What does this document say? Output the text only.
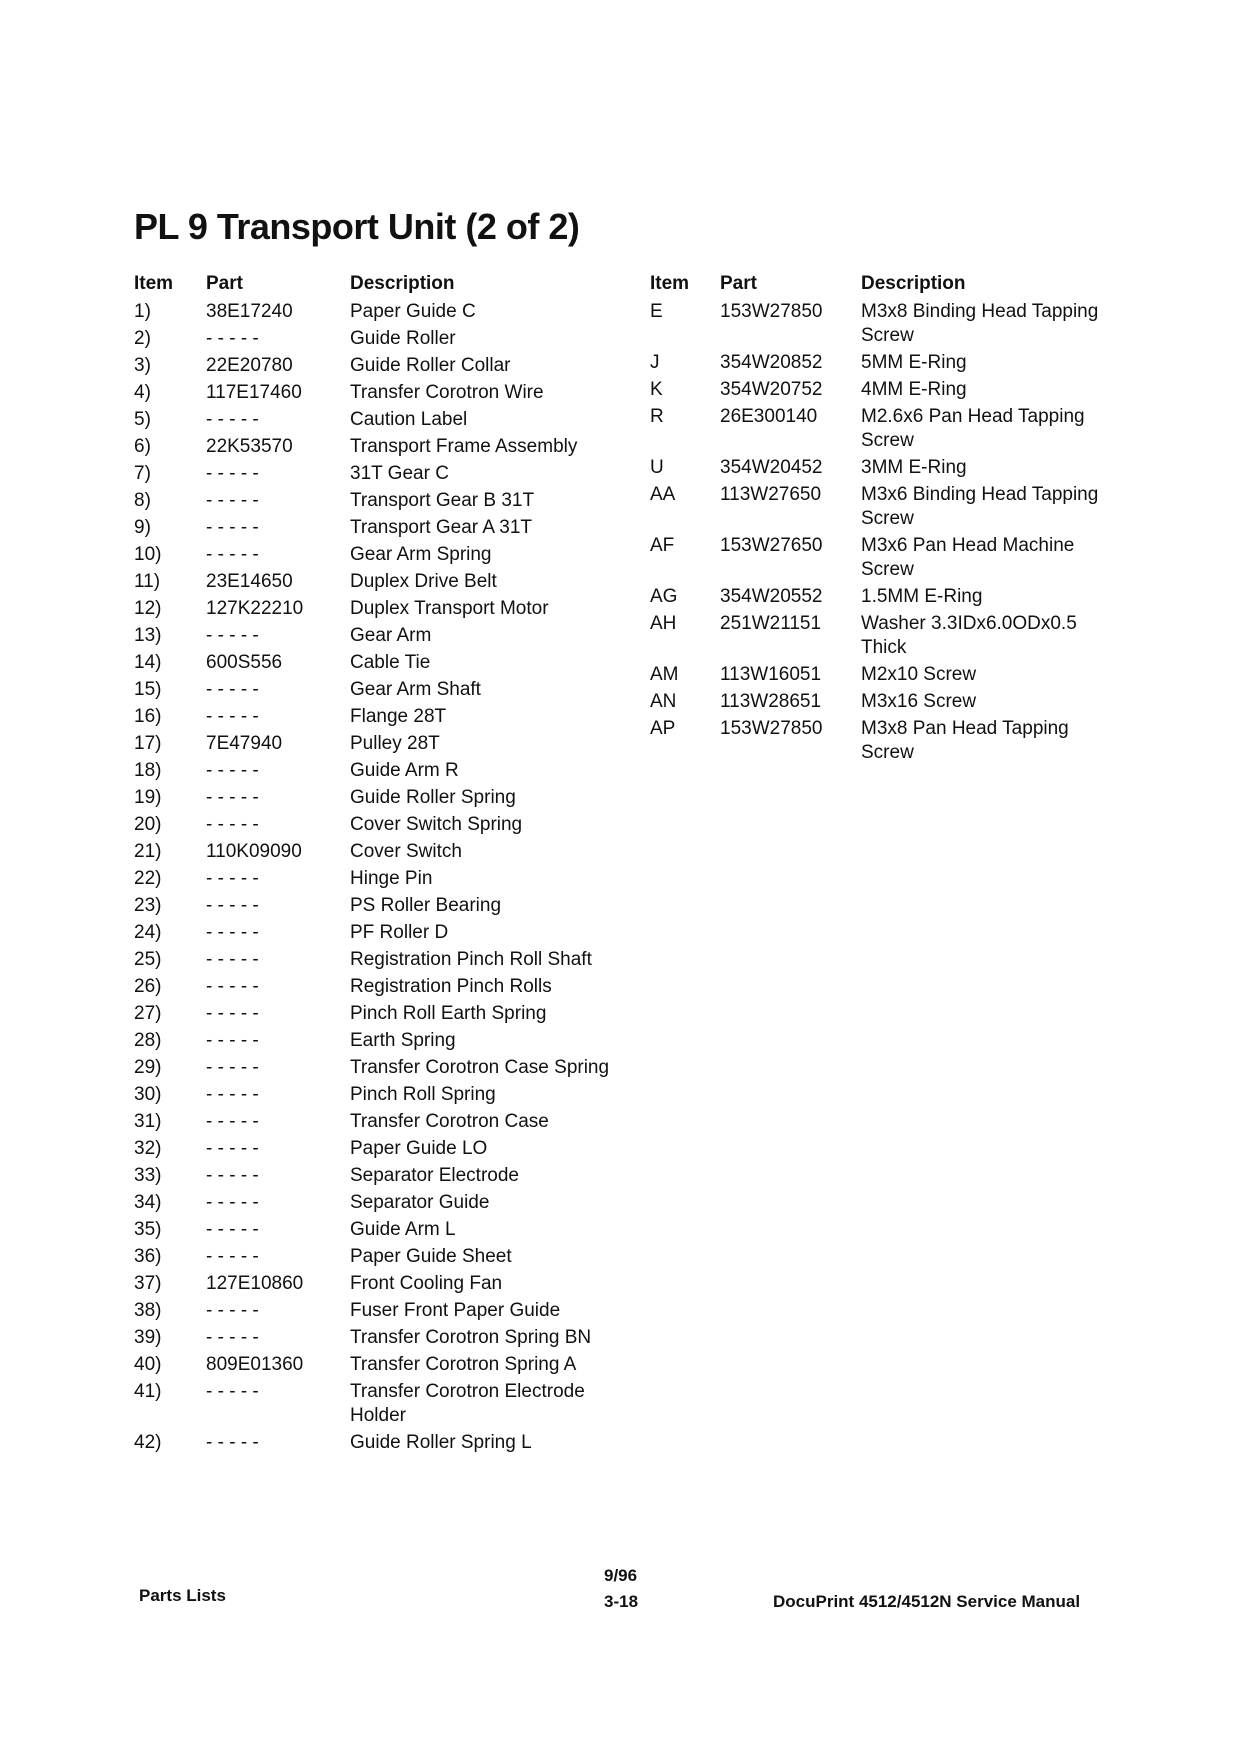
PL 9 Transport Unit (2 of 2)
Item	Part	Description
1)	38E17240	Paper Guide C
2)	- - - - -	Guide Roller
3)	22E20780	Guide Roller Collar
4)	117E17460	Transfer Corotron Wire
5)	- - - - -	Caution Label
6)	22K53570	Transport Frame Assembly
7)	- - - - -	31T Gear C
8)	- - - - -	Transport Gear B 31T
9)	- - - - -	Transport Gear A 31T
10)	- - - - -	Gear Arm Spring
11)	23E14650	Duplex Drive Belt
12)	127K22210	Duplex Transport Motor
13)	- - - - -	Gear Arm
14)	600S556	Cable Tie
15)	- - - - -	Gear Arm Shaft
16)	- - - - -	Flange 28T
17)	7E47940	Pulley 28T
18)	- - - - -	Guide Arm R
19)	- - - - -	Guide Roller Spring
20)	- - - - -	Cover Switch Spring
21)	110K09090	Cover Switch
22)	- - - - -	Hinge Pin
23)	- - - - -	PS Roller Bearing
24)	- - - - -	PF Roller D
25)	- - - - -	Registration Pinch Roll Shaft
26)	- - - - -	Registration Pinch Rolls
27)	- - - - -	Pinch Roll Earth Spring
28)	- - - - -	Earth Spring
29)	- - - - -	Transfer Corotron Case Spring
30)	- - - - -	Pinch Roll Spring
31)	- - - - -	Transfer Corotron Case
32)	- - - - -	Paper Guide LO
33)	- - - - -	Separator Electrode
34)	- - - - -	Separator Guide
35)	- - - - -	Guide Arm L
36)	- - - - -	Paper Guide Sheet
37)	127E10860	Front Cooling Fan
38)	- - - - -	Fuser Front Paper Guide
39)	- - - - -	Transfer Corotron Spring BN
40)	809E01360	Transfer Corotron Spring A
41)	- - - - -	Transfer Corotron Electrode Holder
42)	- - - - -	Guide Roller Spring L
Item	Part	Description
E	153W27850	M3x8 Binding Head Tapping Screw
J	354W20852	5MM E-Ring
K	354W20752	4MM E-Ring
R	26E300140	M2.6x6 Pan Head Tapping Screw
U	354W20452	3MM E-Ring
AA	113W27650	M3x6 Binding Head Tapping Screw
AF	153W27650	M3x6 Pan Head Machine Screw
AG	354W20552	1.5MM E-Ring
AH	251W21151	Washer 3.3IDx6.0ODx0.5 Thick
AM	113W16051	M2x10 Screw
AN	113W28651	M3x16 Screw
AP	153W27850	M3x8 Pan Head Tapping Screw
Parts Lists
9/96
3-18	DocuPrint 4512/4512N Service Manual
